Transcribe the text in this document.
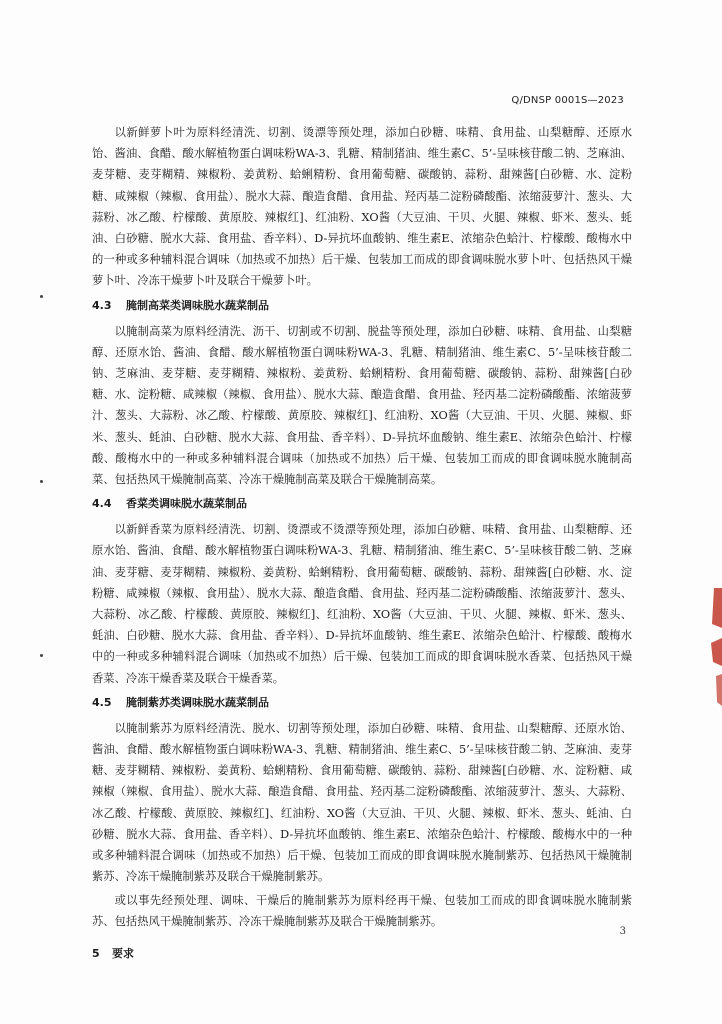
Q/DNSP 0001S—2023

以新鲜萝卜叶为原料经清洗、切割、烫漂等预处理，添加白砂糖、味精、食用盐、山梨糖醇、还原水饴、酱油、食醋、酸水解植物蛋白调味粉WA-3、乳糖、精制猪油、维生素C、5’-呈味核苷酸二钠、芝麻油、麦芽糖、麦芽糊精、辣椒粉、姜黄粉、蛤蜊精粉、食用葡萄糖、碳酸钠、蒜粉、甜辣酱[白砂糖、水、淀粉糖、咸辣椒（辣椒、食用盐）、脱水大蒜、酿造食醋、食用盐、羟丙基二淀粉磷酸酯、浓缩菠萝汁、葱头、大蒜粉、冰乙酸、柠檬酸、黄原胶、辣椒红]、红油粉、XO酱（大豆油、干贝、火腿、辣椒、虾米、葱头、蚝油、白砂糖、脱水大蒜、食用盐、香辛料）、D-异抗坏血酸钠、维生素E、浓缩杂色蛤汁、柠檬酸、酸梅水中的一种或多种辅料混合调味（加热或不加热）后干燥、包装加工而成的即食调味脱水萝卜叶、包括热风干燥萝卜叶、冷冻干燥萝卜叶及联合干燥萝卜叶。

4.3 腌制高菜类调味脱水蔬菜制品

以腌制高菜为原料经清洗、沥干、切割或不切割、脱盐等预处理，添加白砂糖、味精、食用盐、山梨糖醇、还原水饴、酱油、食醋、酸水解植物蛋白调味粉WA-3、乳糖、精制猪油、维生素C、5’-呈味核苷酸二钠、芝麻油、麦芽糖、麦芽糊精、辣椒粉、姜黄粉、蛤蜊精粉、食用葡萄糖、碳酸钠、蒜粉、甜辣酱[白砂糖、水、淀粉糖、咸辣椒（辣椒、食用盐）、脱水大蒜、酿造食醋、食用盐、羟丙基二淀粉磷酸酯、浓缩菠萝汁、葱头、大蒜粉、冰乙酸、柠檬酸、黄原胶、辣椒红]、红油粉、XO酱（大豆油、干贝、火腿、辣椒、虾米、葱头、蚝油、白砂糖、脱水大蒜、食用盐、香辛料）、D-异抗坏血酸钠、维生素E、浓缩杂色蛤汁、柠檬酸、酸梅水中的一种或多种辅料混合调味（加热或不加热）后干燥、包装加工而成的即食调味脱水腌制高菜、包括热风干燥腌制高菜、冷冻干燥腌制高菜及联合干燥腌制高菜。

4.4 香菜类调味脱水蔬菜制品

以新鲜香菜为原料经清洗、切割、烫漂或不烫漂等预处理，添加白砂糖、味精、食用盐、山梨糖醇、还原水饴、酱油、食醋、酸水解植物蛋白调味粉WA-3、乳糖、精制猪油、维生素C、5’-呈味核苷酸二钠、芝麻油、麦芽糖、麦芽糊精、辣椒粉、姜黄粉、蛤蜊精粉、食用葡萄糖、碳酸钠、蒜粉、甜辣酱[白砂糖、水、淀粉糖、咸辣椒（辣椒、食用盐）、脱水大蒜、酿造食醋、食用盐、羟丙基二淀粉磷酸酯、浓缩菠萝汁、葱头、大蒜粉、冰乙酸、柠檬酸、黄原胶、辣椒红]、红油粉、XO酱（大豆油、干贝、火腿、辣椒、虾米、葱头、蚝油、白砂糖、脱水大蒜、食用盐、香辛料）、D-异抗坏血酸钠、维生素E、浓缩杂色蛤汁、柠檬酸、酸梅水中的一种或多种辅料混合调味（加热或不加热）后干燥、包装加工而成的即食调味脱水香菜、包括热风干燥香菜、冷冻干燥香菜及联合干燥香菜。

4.5 腌制紫苏类调味脱水蔬菜制品

以腌制紫苏为原料经清洗、脱水、切割等预处理，添加白砂糖、味精、食用盐、山梨糖醇、还原水饴、酱油、食醋、酸水解植物蛋白调味粉WA-3、乳糖、精制猪油、维生素C、5’-呈味核苷酸二钠、芝麻油、麦芽糖、麦芽糊精、辣椒粉、姜黄粉、蛤蜊精粉、食用葡萄糖、碳酸钠、蒜粉、甜辣酱[白砂糖、水、淀粉糖、咸辣椒（辣椒、食用盐）、脱水大蒜、酿造食醋、食用盐、羟丙基二淀粉磷酸酯、浓缩菠萝汁、葱头、大蒜粉、冰乙酸、柠檬酸、黄原胶、辣椒红]、红油粉、XO酱（大豆油、干贝、火腿、辣椒、虾米、葱头、蚝油、白砂糖、脱水大蒜、食用盐、香辛料）、D-异抗坏血酸钠、维生素E、浓缩杂色蛤汁、柠檬酸、酸梅水中的一种或多种辅料混合调味（加热或不加热）后干燥、包装加工而成的即食调味脱水腌制紫苏、包括热风干燥腌制紫苏、冷冻干燥腌制紫苏及联合干燥腌制紫苏。

或以事先经预处理、调味、干燥后的腌制紫苏为原料经再干燥、包装加工而成的即食调味脱水腌制紫苏、包括热风干燥腌制紫苏、冷冻干燥腌制紫苏及联合干燥腌制紫苏。

5 要求
3
